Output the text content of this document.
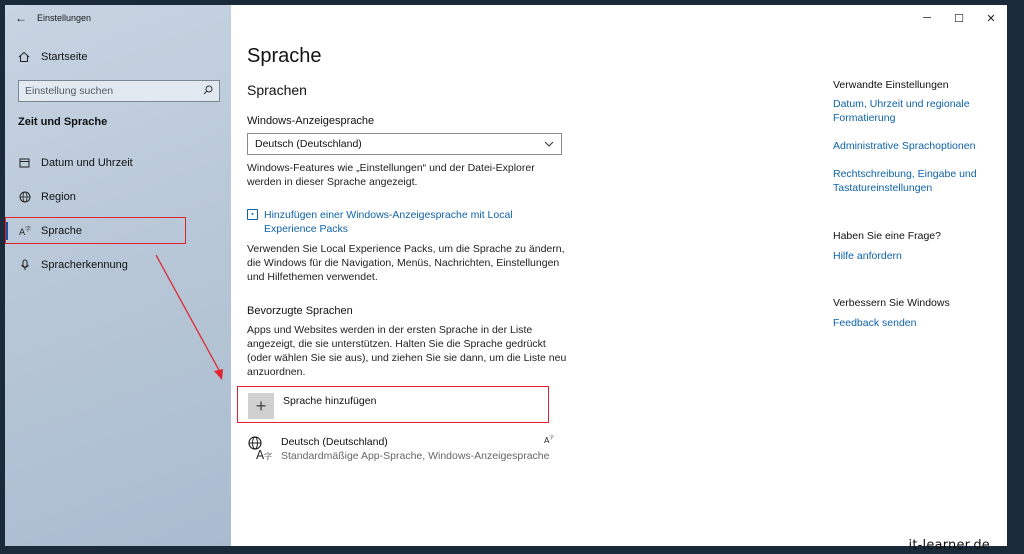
← Einstellungen
Startseite
Einstellung suchen
Zeit und Sprache
Datum und Uhrzeit
Region
A 字 Sprache
Spracherkennung
─ ☐ ✕
Sprache
Sprachen
Windows-Anzeigesprache
Deutsch (Deutschland)
Windows-Features wie „Einstellungen“ und der Datei-Explorer
werden in dieser Sprache angezeigt.
▪ Hinzufügen einer Windows-Anzeigesprache mit Local
Experience Packs
Verwenden Sie Local Experience Packs, um die Sprache zu ändern,
die Windows für die Navigation, Menüs, Nachrichten, Einstellungen
und Hilfethemen verwendet.
Bevorzugte Sprachen
Apps und Websites werden in der ersten Sprache in der Liste
angezeigt, die sie unterstützen. Halten Sie die Sprache gedrückt
(oder wählen Sie sie aus), und ziehen Sie sie dann, um die Liste neu
anzuordnen.
+ Sprache hinzufügen
A 字
Deutsch (Deutschland)
Standardmäßige App-Sprache, Windows-Anzeigesprache
A 字
Verwandte Einstellungen
Datum, Uhrzeit und regionale
Formatierung
Administrative Sprachoptionen
Rechtschreibung, Eingabe und
Tastatureinstellungen
Haben Sie eine Frage?
Hilfe anfordern
Verbessern Sie Windows
Feedback senden
it-learner.de
